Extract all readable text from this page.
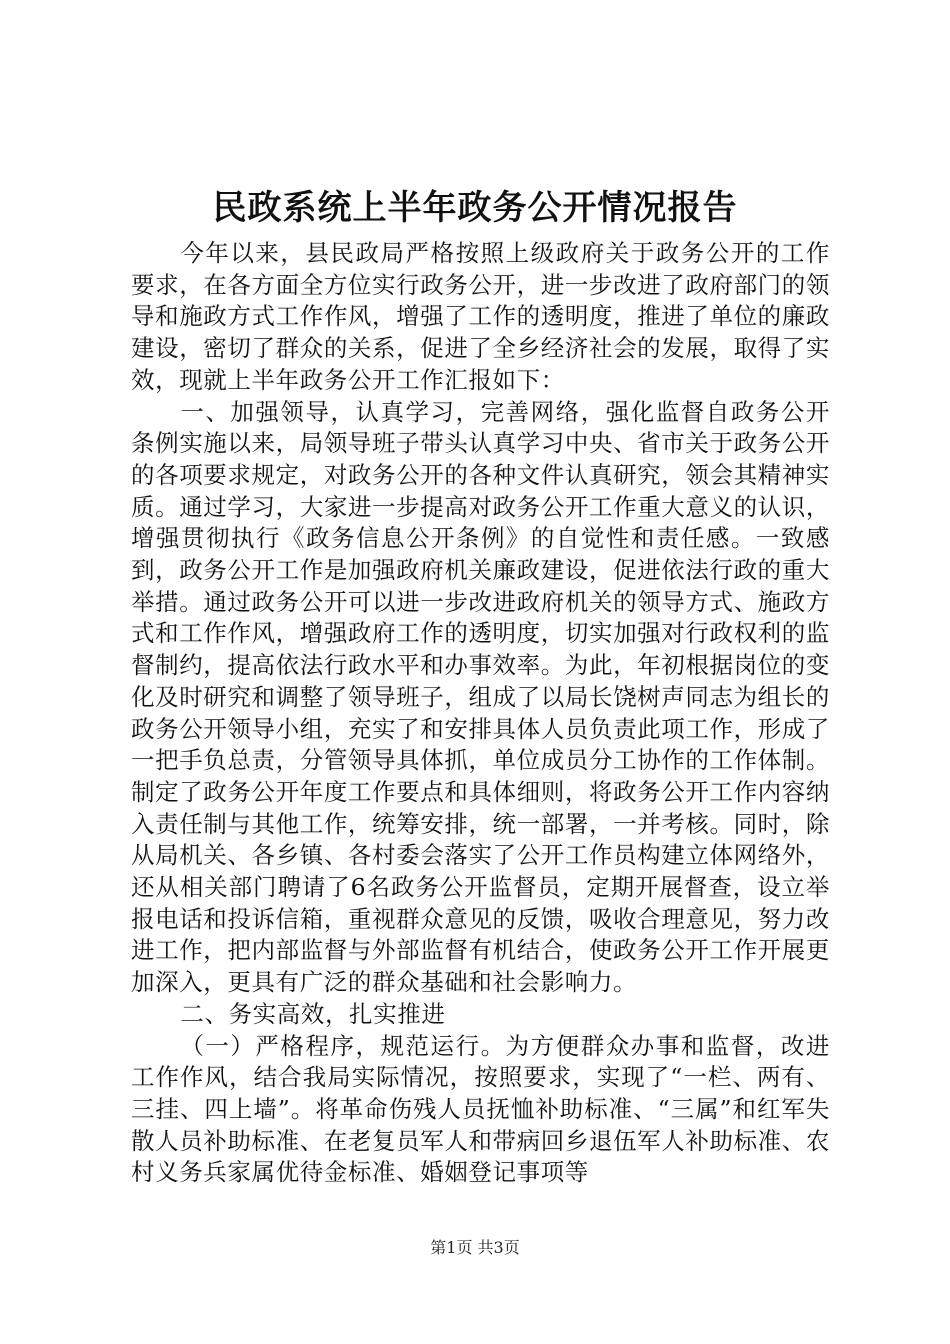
民政系统上半年政务公开情况报告

今年以来，县民政局严格按照上级政府关于政务公开的工作要求，在各方面全方位实行政务公开，进一步改进了政府部门的领导和施政方式工作作风，增强了工作的透明度，推进了单位的廉政建设，密切了群众的关系，促进了全乡经济社会的发展，取得了实效，现就上半年政务公开工作汇报如下：

一、加强领导，认真学习，完善网络，强化监督自政务公开条例实施以来，局领导班子带头认真学习中央、省市关于政务公开的各项要求规定，对政务公开的各种文件认真研究，领会其精神实质。通过学习，大家进一步提高对政务公开工作重大意义的认识，增强贯彻执行《政务信息公开条例》的自觉性和责任感。一致感到，政务公开工作是加强政府机关廉政建设，促进依法行政的重大举措。通过政务公开可以进一步改进政府机关的领导方式、施政方式和工作作风，增强政府工作的透明度，切实加强对行政权利的监督制约，提高依法行政水平和办事效率。为此，年初根据岗位的变化及时研究和调整了领导班子，组成了以局长饶树声同志为组长的政务公开领导小组，充实了和安排具体人员负责此项工作，形成了一把手负总责，分管领导具体抓，单位成员分工协作的工作体制。制定了政务公开年度工作要点和具体细则，将政务公开工作内容纳入责任制与其他工作，统筹安排，统一部署，一并考核。同时，除从局机关、各乡镇、各村委会落实了公开工作员构建立体网络外，还从相关部门聘请了6名政务公开监督员，定期开展督查，设立举报电话和投诉信箱，重视群众意见的反馈，吸收合理意见，努力改进工作，把内部监督与外部监督有机结合，使政务公开工作开展更加深入，更具有广泛的群众基础和社会影响力。

二、务实高效，扎实推进

（一）严格程序，规范运行。为方便群众办事和监督，改进工作作风，结合我局实际情况，按照要求，实现了“一栏、两有、三挂、四上墙”。将革命伤残人员抚恤补助标准、“三属”和红军失散人员补助标准、在老复员军人和带病回乡退伍军人补助标准、农村义务兵家属优待金标准、婚姻登记事项等

第1页 共3页
